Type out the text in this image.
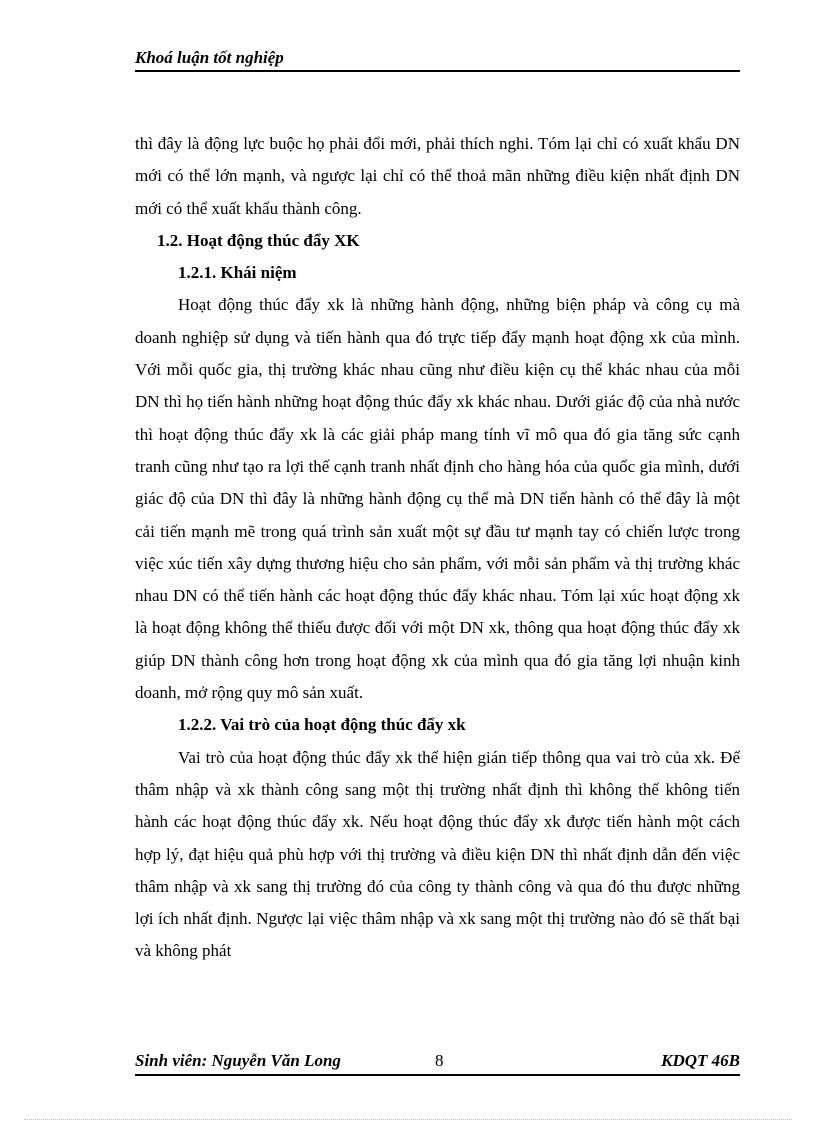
Khoá luận tốt nghiệp

thì đây là động lực buộc họ phải đổi mới, phải thích nghi. Tóm lại chỉ có xuất khẩu DN mới có thể lớn mạnh, và ngược lại chỉ có thể thoả mãn những điều kiện nhất định DN mới có thể xuất khẩu thành công.

1.2. Hoạt động thúc đẩy XK
1.2.1. Khái niệm

Hoạt động thúc đẩy xk là những hành động, những biện pháp và công cụ mà doanh nghiệp sử dụng và tiến hành qua đó trực tiếp đẩy mạnh hoạt động xk của mình. Với mỗi quốc gia, thị trường khác nhau cũng như điều kiện cụ thể khác nhau của mỗi DN thì họ tiến hành những hoạt động thúc đẩy xk khác nhau. Dưới giác độ của nhà nước thì hoạt động thúc đẩy xk là các giải pháp mang tính vĩ mô qua đó gia tăng sức cạnh tranh cũng như tạo ra lợi thế cạnh tranh nhất định cho hàng hóa của quốc gia mình, dưới giác độ của DN thì đây là những hành động cụ thể mà DN tiến hành có thể đây là một cải tiến mạnh mẽ trong quá trình sản xuất một sự đầu tư mạnh tay có chiến lược trong việc xúc tiến xây dựng thương hiệu cho sản phẩm, với mỗi sản phẩm và thị trường khác nhau DN có thể tiến hành các hoạt động thúc đẩy khác nhau. Tóm lại xúc hoạt động xk là hoạt động không thể thiếu được đối với một DN xk, thông qua hoạt động thúc đẩy xk giúp DN thành công hơn trong hoạt động xk của mình qua đó gia tăng lợi nhuận kinh doanh, mở rộng quy mô sản xuất.

1.2.2. Vai trò của hoạt động thúc đẩy xk

Vai trò của hoạt động thúc đẩy xk thể hiện gián tiếp thông qua vai trò của xk. Để thâm nhập và xk thành công sang một thị trường nhất định thì không thể không tiến hành các hoạt động thúc đẩy xk. Nếu hoạt động thúc đẩy xk được tiến hành một cách hợp lý, đạt hiệu quả phù hợp với thị trường và điều kiện DN thì nhất định dẫn đến việc thâm nhập và xk sang thị trường đó của công ty thành công và qua đó thu được những lợi ích nhất định. Ngược lại việc thâm nhập và xk sang một thị trường nào đó sẽ thất bại và không phát

Sinh viên: Nguyễn Văn Long	8	KDQT 46B
